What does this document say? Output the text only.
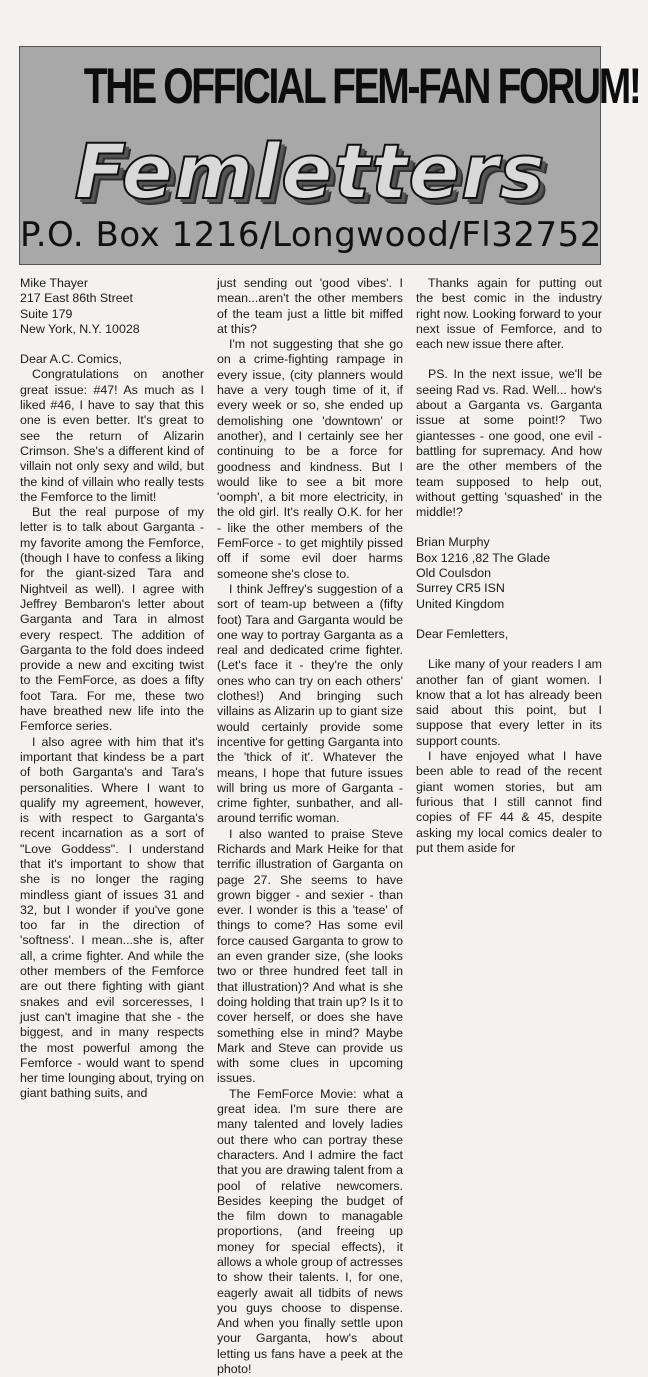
THE OFFICIAL FEM-FAN FORUM!
Femletters
P.O. Box 1216/Longwood/Fl32752
Mike Thayer
217 East 86th Street
Suite 179
New York, N.Y. 10028

Dear A.C. Comics,

Congratulations on another great issue: #47! As much as I liked #46, I have to say that this one is even better. It's great to see the return of Alizarin Crimson. She's a different kind of villain not only sexy and wild, but the kind of villain who really tests the Femforce to the limit!

But the real purpose of my letter is to talk about Garganta - my favorite among the Femforce, (though I have to confess a liking for the giant-sized Tara and Nightveil as well). I agree with Jeffrey Bembaron's letter about Garganta and Tara in almost every respect. The addition of Garganta to the fold does indeed provide a new and exciting twist to the FemForce, as does a fifty foot Tara. For me, these two have breathed new life into the Femforce series.

I also agree with him that it's important that kindess be a part of both Garganta's and Tara's personalities. Where I want to qualify my agreement, however, is with respect to Garganta's recent incarnation as a sort of "Love Goddess". I understand that it's important to show that she is no longer the raging mindless giant of issues 31 and 32, but I wonder if you've gone too far in the direction of 'softness'. I mean...she is, after all, a crime fighter. And while the other members of the Femforce are out there fighting with giant snakes and evil sorceresses, I just can't imagine that she - the biggest, and in many respects the most powerful among the Femforce - would want to spend her time lounging about, trying on giant bathing suits, and

just sending out 'good vibes'. I mean...aren't the other members of the team just a little bit miffed at this?

I'm not suggesting that she go on a crime-fighting rampage in every issue, (city planners would have a very tough time of it, if every week or so, she ended up demolishing one 'downtown' or another), and I certainly see her continuing to be a force for goodness and kindness. But I would like to see a bit more 'oomph', a bit more electricity, in the old girl. It's really O.K. for her - like the other members of the FemForce - to get mightily pissed off if some evil doer harms someone she's close to.

I think Jeffrey's suggestion of a sort of team-up between a (fifty foot) Tara and Garganta would be one way to portray Garganta as a real and dedicated crime fighter. (Let's face it - they're the only ones who can try on each others' clothes!) And bringing such villains as Alizarin up to giant size would certainly provide some incentive for getting Garganta into the 'thick of it'. Whatever the means, I hope that future issues will bring us more of Garganta - crime fighter, sunbather, and all-around terrific woman.

I also wanted to praise Steve Richards and Mark Heike for that terrific illustration of Garganta on page 27. She seems to have grown bigger - and sexier - than ever. I wonder is this a 'tease' of things to come? Has some evil force caused Garganta to grow to an even grander size, (she looks two or three hundred feet tall in that illustration)? And what is she doing holding that train up? Is it to cover herself, or does she have something else in mind? Maybe Mark and Steve can provide us with some clues in upcoming issues.

The FemForce Movie: what a great idea. I'm sure there are many talented and lovely ladies out there who can portray these characters. And I admire the fact that you are drawing talent from a pool of relative newcomers. Besides keeping the budget of the film down to managable proportions, (and freeing up money for special effects), it allows a whole group of actresses to show their talents. I, for one, eagerly await all tidbits of news you guys choose to dispense. And when you finally settle upon your Garganta, how's about letting us fans have a peek at the photo!

Thanks again for putting out the best comic in the industry right now. Looking forward to your next issue of Femforce, and to each new issue there after.

PS. In the next issue, we'll be seeing Rad vs. Rad. Well... how's about a Garganta vs. Garganta issue at some point!? Two giantesses - one good, one evil - battling for supremacy. And how are the other members of the team supposed to help out, without getting 'squashed' in the middle!?

Brian Murphy
Box 1216 ,82 The Glade
Old Coulsdon
Surrey CR5 ISN
United Kingdom

Dear Femletters,

Like many of your readers I am another fan of giant women. I know that a lot has already been said about this point, but I suppose that every letter in its support counts.

I have enjoyed what I have been able to read of the recent giant women stories, but am furious that I still cannot find copies of FF 44 & 45, despite asking my local comics dealer to put them aside for
